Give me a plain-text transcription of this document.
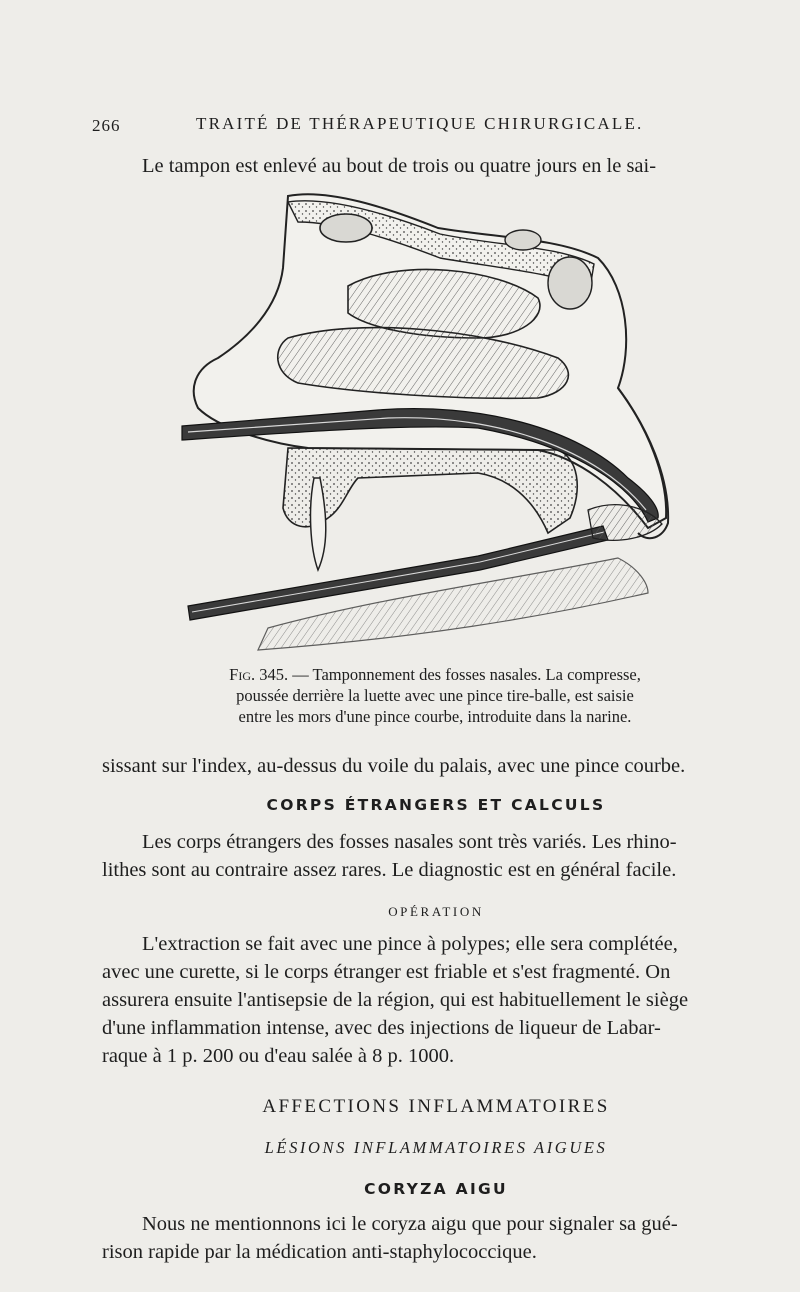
266	TRAITÉ DE THÉRAPEUTIQUE CHIRURGICALE.

Le tampon est enlevé au bout de trois ou quatre jours en le sai-

Fig. 345. — Tamponnement des fosses nasales. La compresse,
poussée derrière la luette avec une pince tire-balle, est saisie
entre les mors d'une pince courbe, introduite dans la narine.

sissant sur l'index, au-dessus du voile du palais, avec une pince courbe.

CORPS ÉTRANGERS ET CALCULS

Les corps étrangers des fosses nasales sont très variés. Les rhino-

lithes sont au contraire assez rares. Le diagnostic est en général facile.

OPÉRATION

L'extraction se fait avec une pince à polypes; elle sera complétée,

avec une curette, si le corps étranger est friable et s'est fragmenté. On

assurera ensuite l'antisepsie de la région, qui est habituellement le siège

d'une inflammation intense, avec des injections de liqueur de Labar-

raque à 1 p. 200 ou d'eau salée à 8 p. 1000.

AFFECTIONS INFLAMMATOIRES
LÉSIONS INFLAMMATOIRES AIGUES
CORYZA AIGU

Nous ne mentionnons ici le coryza aigu que pour signaler sa gué-

rison rapide par la médication anti-staphylococcique.
